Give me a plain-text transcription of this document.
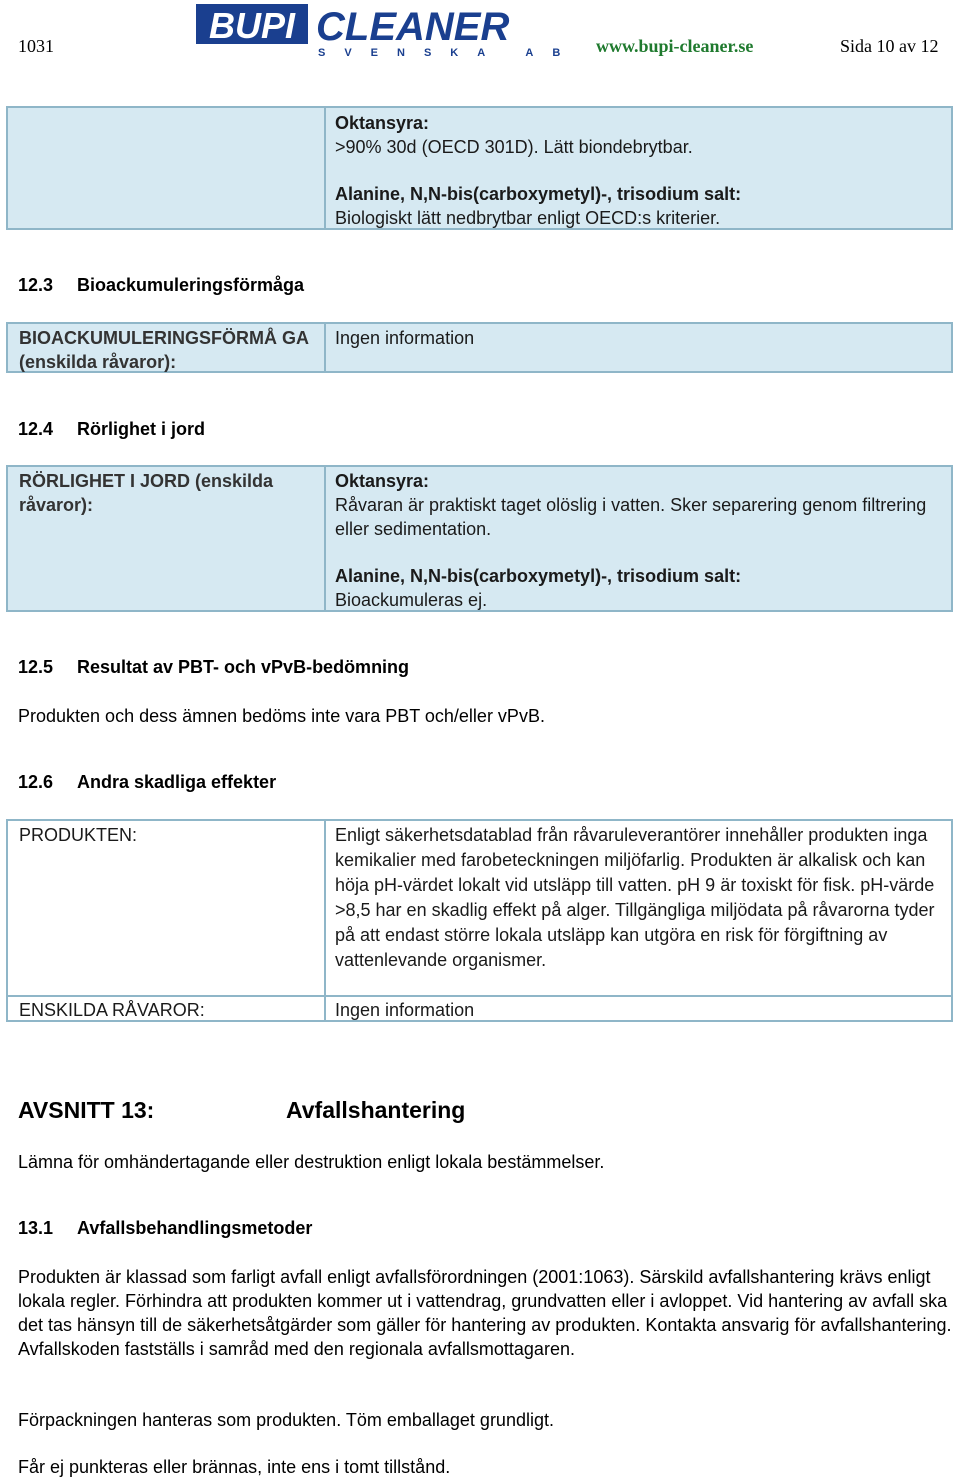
1031	BUPI CLEANER
SVENSKA AB www.bupi-cleaner.se	Sida 10 av 12

Oktansyra:

>90% 30d (OECD 301D). Lätt biondebrytbar.

Alanine, N,N-bis(carboxymetyl)-, trisodium salt:

Biologiskt lätt nedbrytbar enligt OECD:s kriterier.

12.3 Bioackumuleringsförmåga
BIOACKUMULERINGSFÖRMÅ GA (enskilda råvaror):
Ingen information
12.4 Rörlighet i jord
RÖRLIGHET I JORD (enskilda råvaror):

Oktansyra:

Råvaran är praktiskt taget olöslig i vatten. Sker separering genom filtrering eller sedimentation.

Alanine, N,N-bis(carboxymetyl)-, trisodium salt:

Bioackumuleras ej.

12.5 Resultat av PBT- och vPvB-bedömning
Produkten och dess ämnen bedöms inte vara PBT och/eller vPvB.
12.6 Andra skadliga effekter
PRODUKTEN:	Enligt säkerhetsdatablad från råvaruleverantörer innehåller produkten inga kemikalier med farobeteckningen miljöfarlig. Produkten är alkalisk och kan höja pH-värdet lokalt vid utsläpp till vatten. pH 9 är toxiskt för fisk. pH-värde >8,5 har en skadlig effekt på alger. Tillgängliga miljödata på råvarorna tyder på att endast större lokala utsläpp kan utgöra en risk för förgiftning av vattenlevande organismer.
ENSKILDA RÅVAROR:	Ingen information
AVSNITT 13:	Avfallshantering
Lämna för omhändertagande eller destruktion enligt lokala bestämmelser.
13.1 Avfallsbehandlingsmetoder
Produkten är klassad som farligt avfall enligt avfallsförordningen (2001:1063). Särskild avfallshantering krävs enligt lokala regler. Förhindra att produkten kommer ut i vattendrag, grundvatten eller i avloppet. Vid hantering av avfall ska det tas hänsyn till de säkerhetsåtgärder som gäller för hantering av produkten. Kontakta ansvarig för avfallshantering. Avfallskoden fastställs i samråd med den regionala avfallsmottagaren.
Förpackningen hanteras som produkten. Töm emballaget grundligt.
Får ej punkteras eller brännas, inte ens i tomt tillstånd.
